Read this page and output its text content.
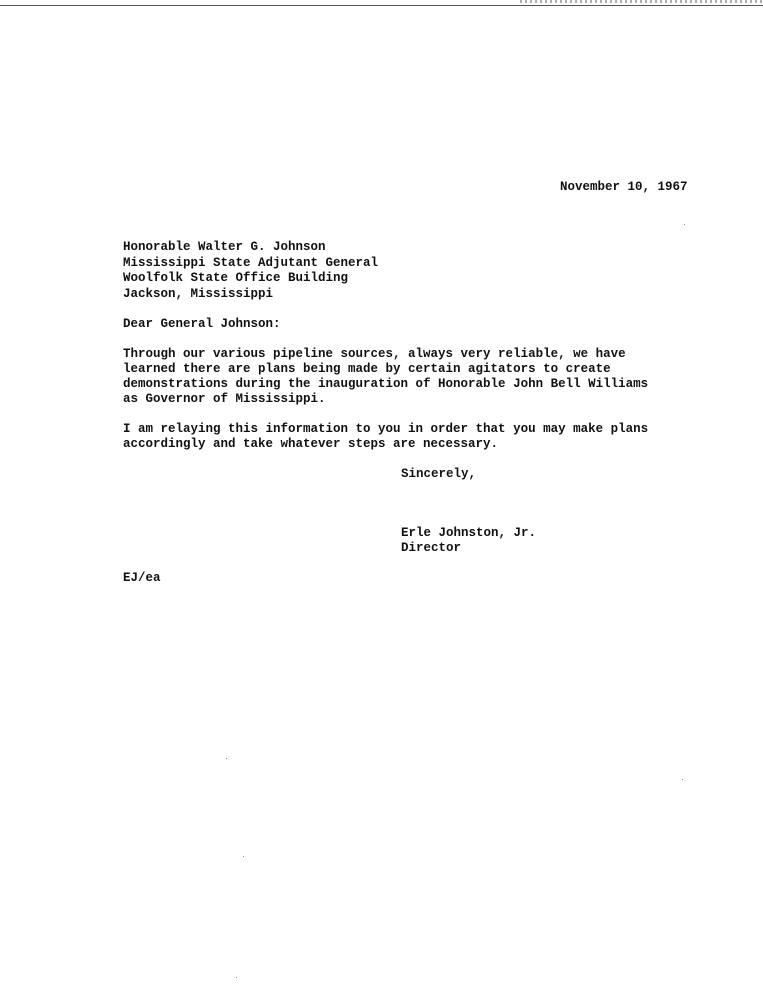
November 10, 1967
Honorable Walter G. Johnson
Mississippi State Adjutant General
Woolfolk State Office Building
Jackson, Mississippi
Dear General Johnson:
Through our various pipeline sources, always very reliable, we have
learned there are plans being made by certain agitators to create
demonstrations during the inauguration of Honorable John Bell Williams
as Governor of Mississippi.
I am relaying this information to you in order that you may make plans
accordingly and take whatever steps are necessary.
Sincerely,
Erle Johnston, Jr.
Director
EJ/ea
